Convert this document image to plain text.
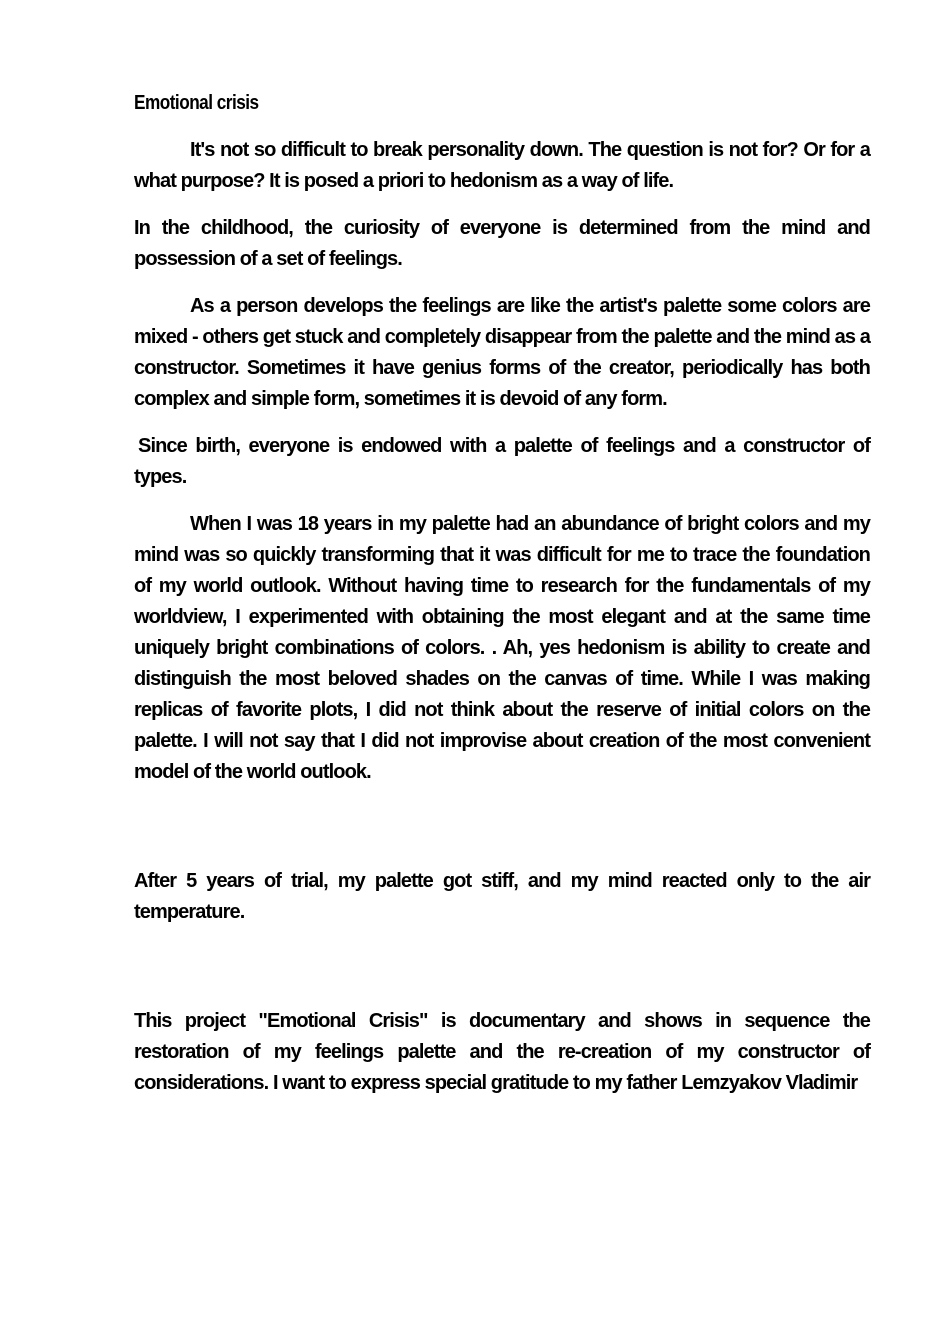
Emotional crisis

It's not so difficult to break personality down. The question is not for? Or for a what purpose? It is posed a priori to hedonism as a way of life.

In the childhood, the curiosity of everyone is determined from the mind and possession of a set of feelings.

As a person develops the feelings are like the artist's palette some colors are mixed - others get stuck and completely disappear from the palette and the mind as a constructor. Sometimes it have genius forms of the creator, periodically has both complex and simple form, sometimes it is devoid of any form.

Since birth, everyone is endowed with a palette of feelings and a constructor of types.

When I was 18 years in my palette had an abundance of bright colors and my mind was so quickly transforming that it was difficult for me to trace the foundation of my world outlook. Without having time to research for the fundamentals of my worldview, I experimented with obtaining the most elegant and at the same time uniquely bright combinations of colors. . Ah, yes hedonism is ability to create and distinguish the most beloved shades on the canvas of time. While I was making replicas of favorite plots, I did not think about the reserve of initial colors on the palette. I will not say that I did not improvise about creation of the most convenient model of the world outlook.

After 5 years of trial, my palette got stiff, and my mind reacted only to the air temperature.

This project "Emotional Crisis" is documentary and shows in sequence the restoration of my feelings palette and the re-creation of my constructor of considerations. I want to express special gratitude to my father Lemzyakov Vladimir
